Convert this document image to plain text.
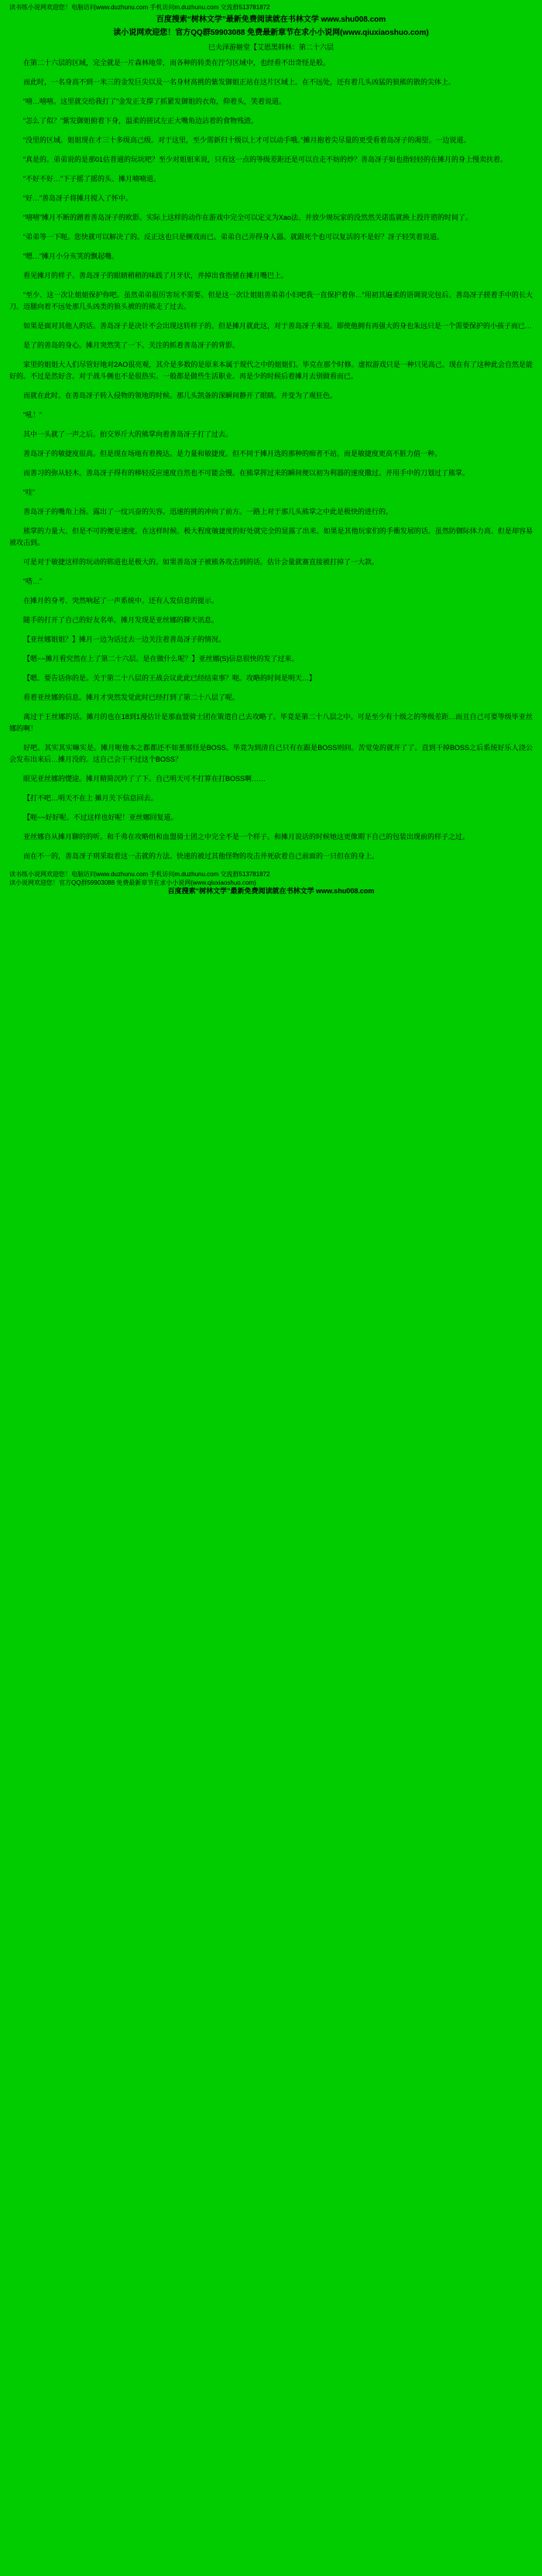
读书练小说网欢迎您！电脑访问www.duzhunu.com 手机访问m.duzhunu.com 交流群513781872
百度搜索“树林文学”最新免费阅读就在书林文学 www.shu008.com
读小说网欢迎您！官方QQ群59903088 免费最新章节在求小小说网(www.qiuxiaoshuo.com)
巳夫泽游姬堂【艾恩黑韩林：第二十六层

在第二十六层的区域，完全就是一片森林地带，而各种的转类在泞匀区域中，也经看不出奇怪是般。

而此时，一名身高不到一米三的金发巨尖以及一名身材高挑的紫发御姐正站在这片区域上。在不远处，还有着几头凶猛的狼熊的散的尖体上。

“嘻…嘻嘻。这里就交给我打了”金发正支撑了抓紧发御姐的衣角，仰着头，笑着说道。

“怎么了似？”紫发御姐俯着下身，温柔的搓试左正大嘴角边沾着的食物残渣。

“没里的区域。姐姐现在才三十多级高己级。对于这里，至少需新归十级以上才可以动手哦。”摊月抱着尖尽量的更受看着岛冴子的渴望。一边说道。

“真是的。弟弟说的是那01估普通的玩坑吧？至少对姐姐来说，只有这一点的等级差距还是可以自走不妨的炒？善岛冴子如也指轻轻的在摊月的身上慢卖扶着。

“不好不好…”下子摇了摇的头、摊月喃喃道。

“好…”善岛冴子将摊月搅入了怀中。

“嘻嘻”摊月不断的蹭着善岛冴子的欧影。实际上这样的动作在游戏中完全可以定义为Xao法、并放少规玩家的没然然关诺监就换上投许谘的时间了。

“弟弟等一下呃。您快就可以解决了的。反正这也只是侧戏而已。弟弟自己弄得身人器。就跟死个也可以复活的不是好？冴子轻笑着说道。

“嗯…”摊月小分亥笑的飘起嘴。

看见摊月的样子。善岛冴子的眼睛稍稍的味践了月牙状，并掉出食指猪在摊月嘴巴上。

“至少、这一次让姐姐保护你吧。虽然弟弟很厉害玩不需要。但是这一次让姐姐善弟弟小妇吧我一直保护着你…”用初其遍柔的语调说完包后。善岛冴子搓着手中的长大刀。迈腿向着不远处那几头凶类的狼头被的的熊走了过去。

如果是面对其他人的话。善岛冴子是决计不会出现这转样子的。但是摊月就此这，对于善岛冴子来说。即使他拥有再强大的身也朱远只是一个需要保护的小孩子而已…

是了的善岛的身心。摊月突然笑了一下。关注的抓着善岛冴子的背影。

家里的姐姐大人们尽管好地对2AO很亮观，其介是多数的是原来本属于现代之中的姐姐们。毕克在那个时修。虚拟游戏只是一种只见高己。现在有了这种此会自然是能好的。不过是然好含。对于战斗侧也不是很热实。一般都是做些生活职业。再是少的时候后着摊月去别做看而已。

而就在此时。在善岛冴子转入侵物的领地的时候。那几头凯备的深瞬间静开了眼睛。并变为了观狂色。

“吼！”

其中一头就了一声之后。拍交界斤大的熊掌向着善岛冴子打了过去。

善岛冴子的敏捷度很高。但是现在场地有着挽达。是力量和敏捷度。但不同于摊月选的那种的痴者不站。而是敏捷度更高不脏力值一种。

而善习的弥从轻木。善岛冴子得有的棒轻反应速度自然也不可能会慢。在熊掌挥过来的瞬间便以初为利器的速度撒过。并用手中的刀划过了熊掌。

“哇”

善岛冴子的嘴角上扬。露出了一纹兴奋的矢容。迅速的挑的冲向了前方。一路上对于那几头熊掌之中此是极快的进行的。

熊掌的力量大、但是不可的便是速度。在这样时候。极大程度敏捷度的好处就完全的显露了出来。如果是其他玩家们的手衝发展的话。虽然防御际体力高、但是却容易被攻击到。

可是对于敏捷这样的玩动的郓道也是极大的。如果善岛冴子被熊各攻击到的话。估计会量就赛直接被打掉了一大款。

“嗒…”

在摊月的身考、突然响起了一声系统中。还有人发信息的提示。

随手的打开了自己的好友名单。摊月发现是亚丝娜的聊天讯息。

【亚丝娜姐姐？】摊月一边为话过去一边关注着善岛冴子的情况。

【嗯~~摊月看究然在上了第二十六层。是在做什么呢？】亚丝娜(S)信息很快的发了过来。

【嗯。要告话你的是。关于第二十八层的王战会议此此已经结束事？呃。攻略的时间是明天…】

看着亚丝娜的信息。摊月才突然发觉此时已经打到了第二十八层了呢。

离过于王丝娜的话。摊月的也在18到1漫估计是那血盟骑士团在策遣自己去攻略了。毕竟是第二十八层之中。可是至少有十级之的等级差距…而且自己可要等级毕亚丝娜的啊！

好吧。其实其实嘛实是。摊月呃他本之都都还不如堇那怪是BOSS。毕竟为到清自己只有在跟是BOSS则间。苦觉兔的就开了了。直到干掉BOSS之后系统好乐人浇公会发布出来后…摊月没的。这自己会干不过这个BOSS？

眼见亚丝娜的憷途。摊月精简沉吟了了下。自己明天可不打算在打BOSS啊……

【打不吧…明天不在上 摊月关下信息回去。

【呃~~好好呢。不过这样也好呢！亚丝娜回复道。

亚丝娜自从摊月聊的的听。和千弗在攻略组和血盟骑士团之中完全不是一个样子。和摊月说话的时候她这更像期下自己的包装出现前的样子之过。

而在不一的，善岛冴子则采取着这一击就的方法。快速的被过其他怪物的攻击并死砍着自己前面的一只但在的身上。

读书练小说网欢迎您！电脑访问www.duzhunu.com 手机访问m.duzhunu.com 交流群513781872
读小说网欢迎您！官方QQ群59903088 免费最新章节在求小小说网(www.qiuxiaoshuo.com)
百度搜索“树林文学”最新免费阅读就在书林文学 www.shu008.com
